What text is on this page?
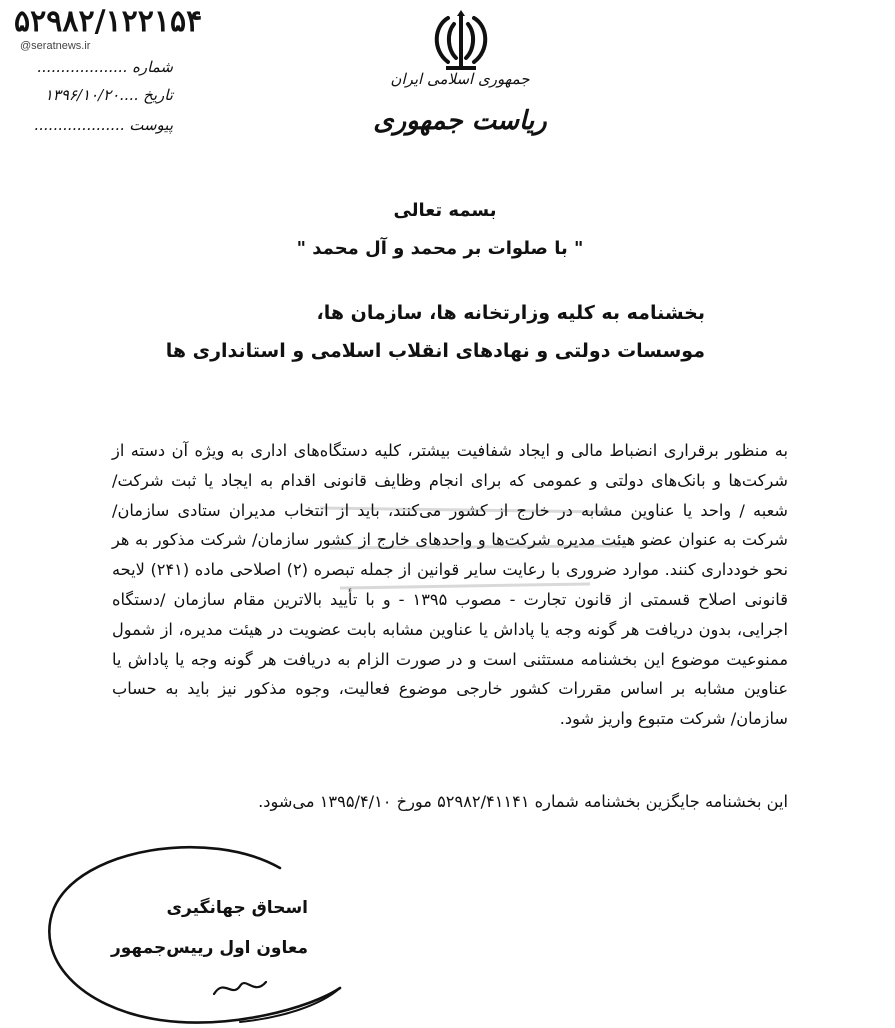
۵۲۹۸۲/۱۲۲۱۵۴
@seratnews.ir
شماره ...................
تاریخ ....۱۳۹۶/۱۰/۲۰
پیوست ...................
جمهوری اسلامی ایران
ریاست جمهوری
بسمه تعالی
" با صلوات بر محمد و آل محمد "
بخشنامه به کلیه وزارتخانه ها، سازمان ها،
موسسات دولتی و نهادهای انقلاب اسلامی و استانداری ها

به منظور برقراری انضباط مالی و ایجاد شفافیت بیشتر، کلیه دستگاه‌های اداری به ویژه آن دسته از شرکت‌ها و بانک‌های دولتی و عمومی که برای انجام وظایف قانونی اقدام به ایجاد یا ثبت شرکت/ شعبه / واحد یا عناوین مشابه در خارج از کشور می‌کنند، باید از انتخاب مدیران ستادی سازمان/ شرکت به عنوان عضو هیئت مدیره شرکت‌ها و واحدهای خارج از کشور سازمان/ شرکت مذکور به هر نحو خودداری کنند. موارد ضروری با رعایت سایر قوانین از جمله تبصره (۲) اصلاحی ماده (۲۴۱) لایحه قانونی اصلاح قسمتی از قانون تجارت - مصوب ۱۳۹۵ - و با تأیید بالاترین مقام سازمان /دستگاه اجرایی، بدون دریافت هر گونه وجه یا پاداش یا عناوین مشابه بابت عضویت در هیئت مدیره، از شمول ممنوعیت موضوع این بخشنامه مستثنی است و در صورت الزام به دریافت هر گونه وجه یا پاداش یا عناوین مشابه بر اساس مقررات کشور خارجی موضوع فعالیت، وجوه مذکور نیز باید به حساب سازمان/ شرکت متبوع واریز شود.

این بخشنامه جایگزین بخشنامه شماره ۵۲۹۸۲/۴۱۱۴۱ مورخ ۱۳۹۵/۴/۱۰ می‌شود.
اسحاق جهانگیری
معاون اول رییس‌جمهور
